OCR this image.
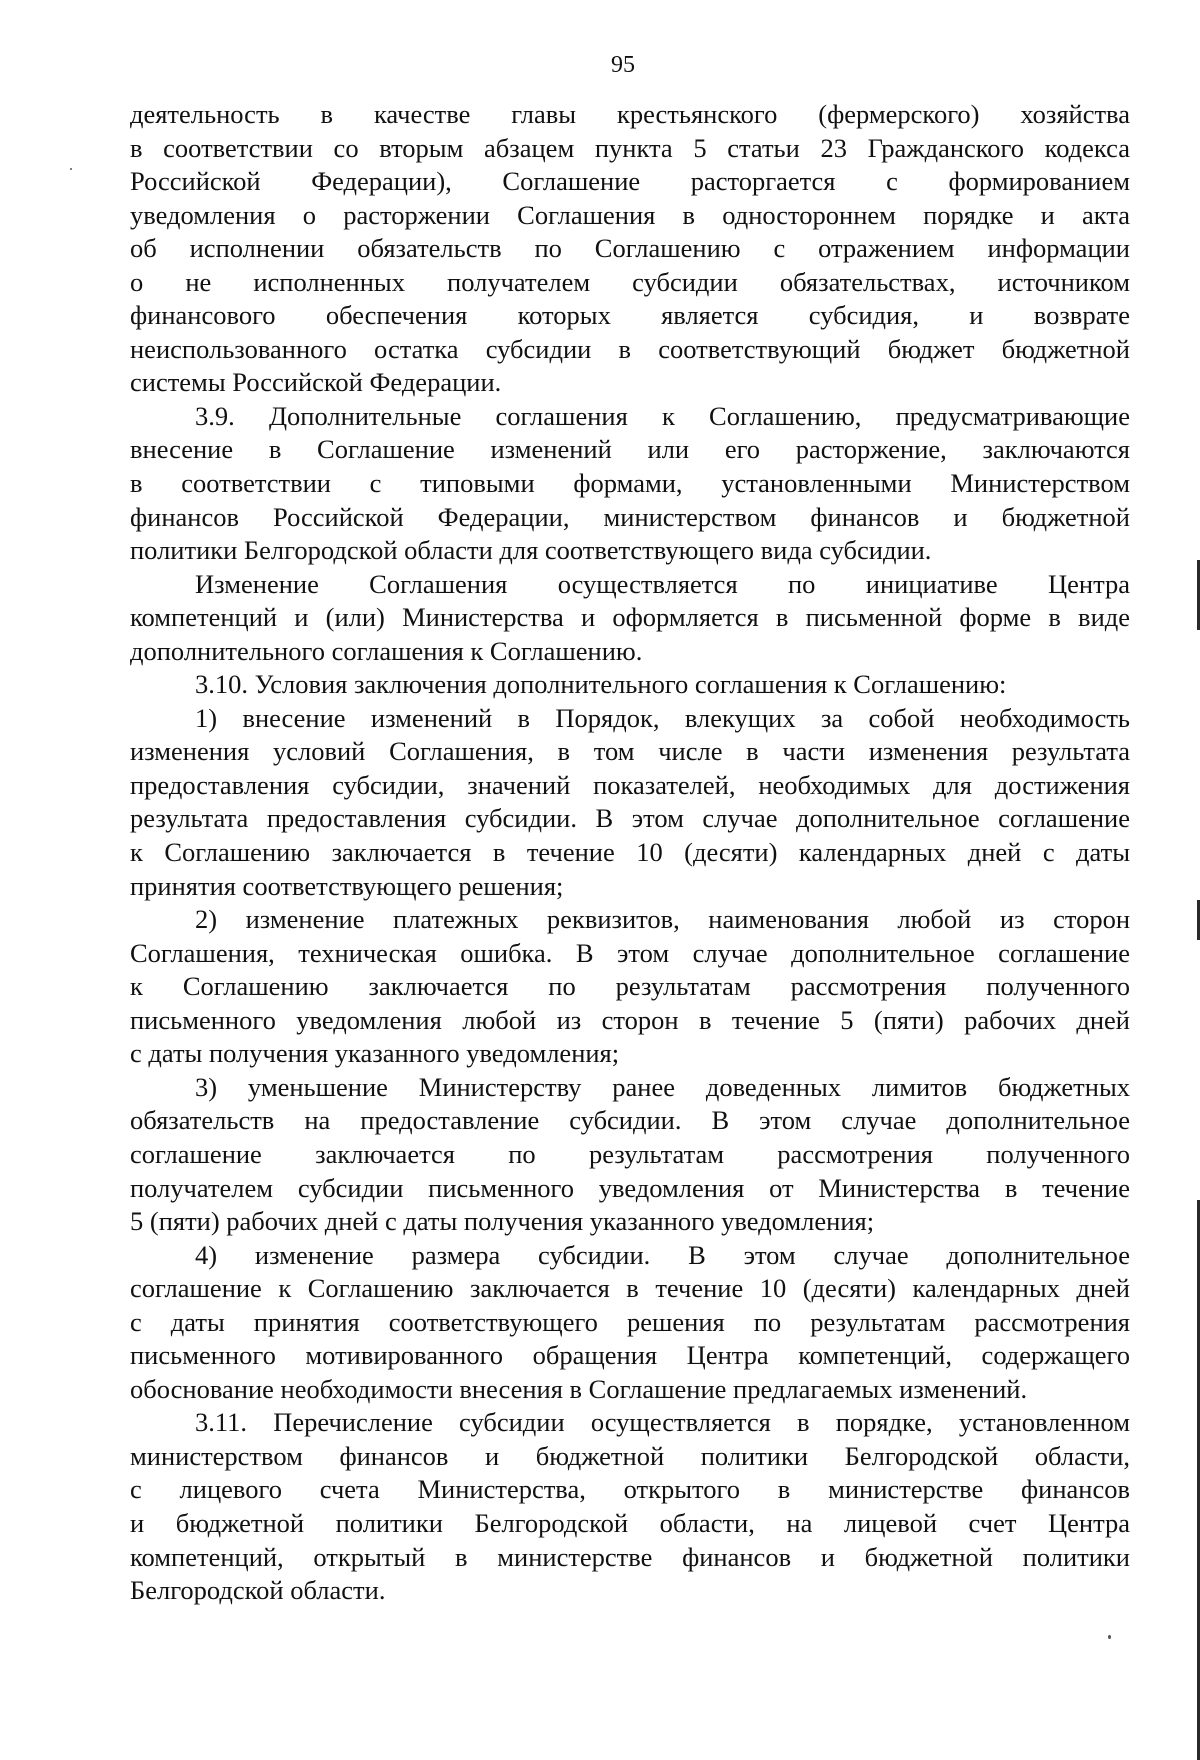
95
деятельность в качестве главы крестьянского (фермерского) хозяйства
в соответствии со вторым абзацем пункта 5 статьи 23 Гражданского кодекса
Российской Федерации), Соглашение расторгается с формированием
уведомления о расторжении Соглашения в одностороннем порядке и акта
об исполнении обязательств по Соглашению с отражением информации
о не исполненных получателем субсидии обязательствах, источником
финансового обеспечения которых является субсидия, и возврате
неиспользованного остатка субсидии в соответствующий бюджет бюджетной
системы Российской Федерации.
3.9. Дополнительные соглашения к Соглашению, предусматривающие
внесение в Соглашение изменений или его расторжение, заключаются
в соответствии с типовыми формами, установленными Министерством
финансов Российской Федерации, министерством финансов и бюджетной
политики Белгородской области для соответствующего вида субсидии.
Изменение Соглашения осуществляется по инициативе Центра
компетенций и (или) Министерства и оформляется в письменной форме в виде
дополнительного соглашения к Соглашению.
3.10. Условия заключения дополнительного соглашения к Соглашению:
1) внесение изменений в Порядок, влекущих за собой необходимость
изменения условий Соглашения, в том числе в части изменения результата
предоставления субсидии, значений показателей, необходимых для достижения
результата предоставления субсидии. В этом случае дополнительное соглашение
к Соглашению заключается в течение 10 (десяти) календарных дней с даты
принятия соответствующего решения;
2) изменение платежных реквизитов, наименования любой из сторон
Соглашения, техническая ошибка. В этом случае дополнительное соглашение
к Соглашению заключается по результатам рассмотрения полученного
письменного уведомления любой из сторон в течение 5 (пяти) рабочих дней
с даты получения указанного уведомления;
3) уменьшение Министерству ранее доведенных лимитов бюджетных
обязательств на предоставление субсидии. В этом случае дополнительное
соглашение заключается по результатам рассмотрения полученного
получателем субсидии письменного уведомления от Министерства в течение
5 (пяти) рабочих дней с даты получения указанного уведомления;
4) изменение размера субсидии. В этом случае дополнительное
соглашение к Соглашению заключается в течение 10 (десяти) календарных дней
с даты принятия соответствующего решения по результатам рассмотрения
письменного мотивированного обращения Центра компетенций, содержащего
обоснование необходимости внесения в Соглашение предлагаемых изменений.
3.11. Перечисление субсидии осуществляется в порядке, установленном
министерством финансов и бюджетной политики Белгородской области,
с лицевого счета Министерства, открытого в министерстве финансов
и бюджетной политики Белгородской области, на лицевой счет Центра
компетенций, открытый в министерстве финансов и бюджетной политики
Белгородской области.
